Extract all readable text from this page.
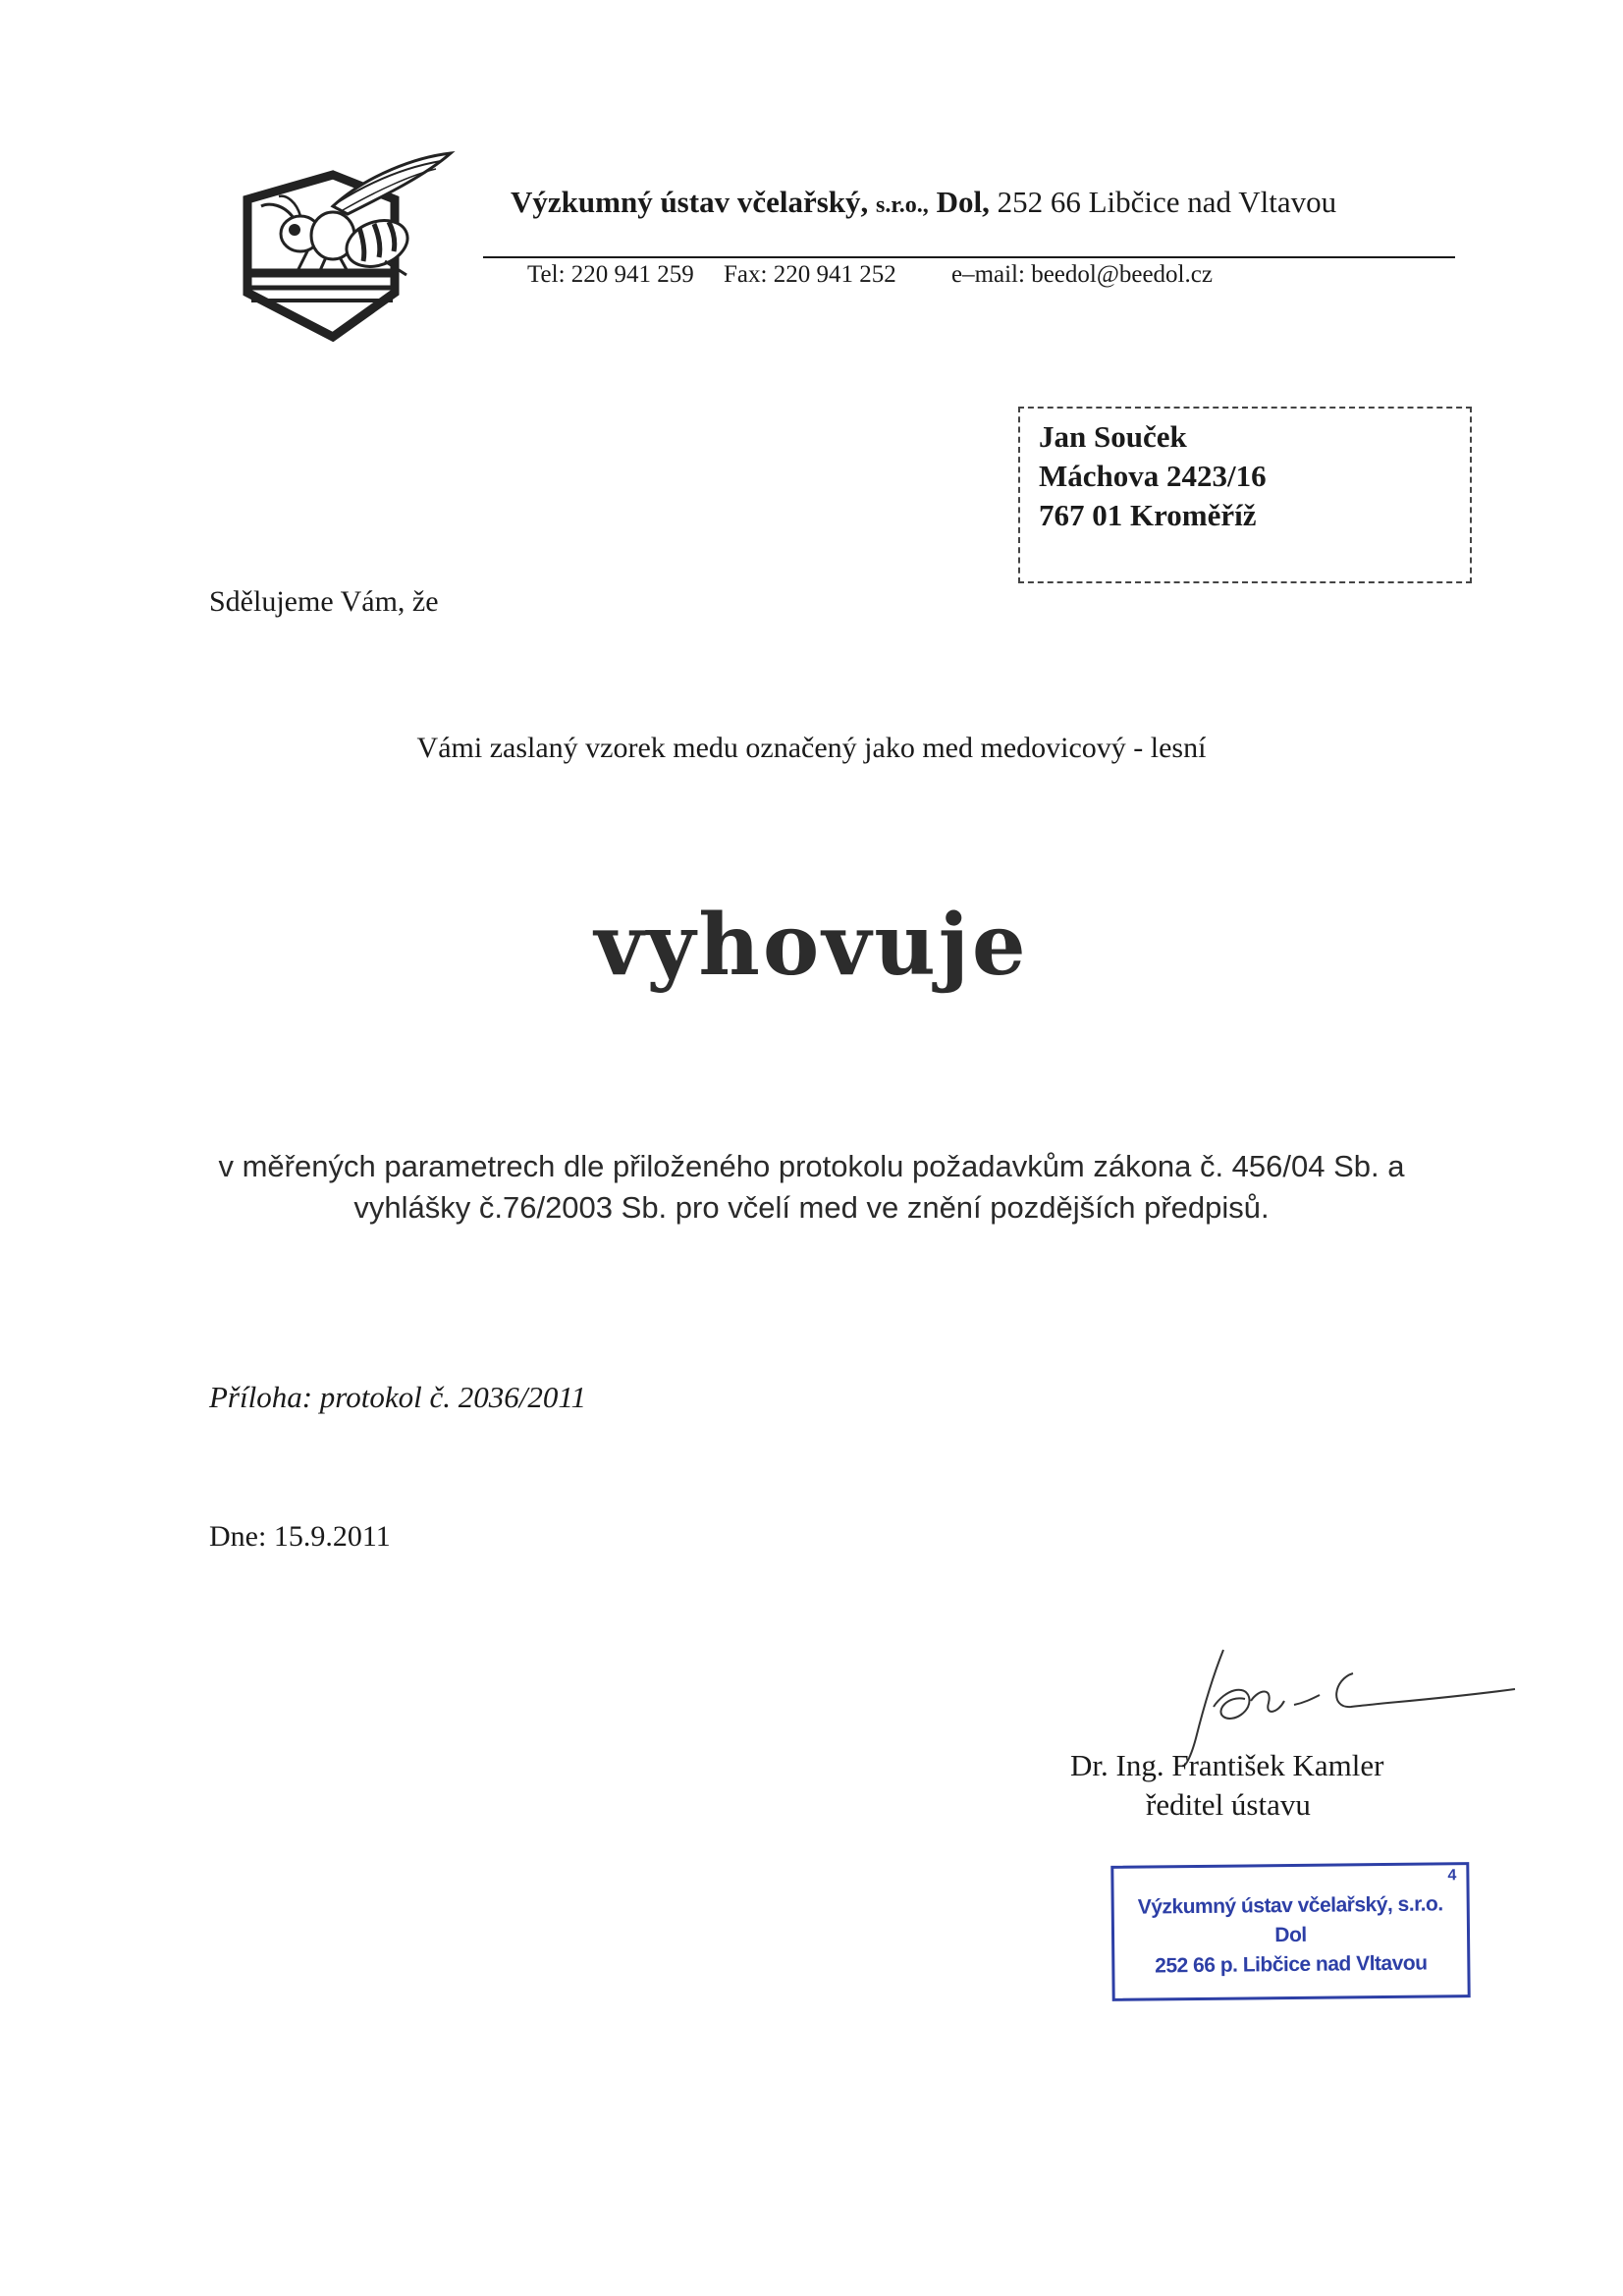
Výzkumný ústav včelařský, s.r.o., Dol, 252 66 Libčice nad Vltavou
Tel: 220 941 259 Fax: 220 941 252 e–mail: beedol@beedol.cz
Jan Souček
Máchova 2423/16
767 01 Kroměříž
Sdělujeme Vám, že
Vámi zaslaný vzorek medu označený jako med medovicový - lesní
vyhovuje
v měřených parametrech dle přiloženého protokolu požadavkům zákona č. 456/04 Sb. a
vyhlášky č.76/2003 Sb. pro včelí med ve znění pozdějších předpisů.
Příloha: protokol č. 2036/2011
Dne: 15.9.2011
Dr. Ing. František Kamler
ředitel ústavu
4
Výzkumný ústav včelařský, s.r.o.
Dol
252 66 p. Libčice nad Vltavou
